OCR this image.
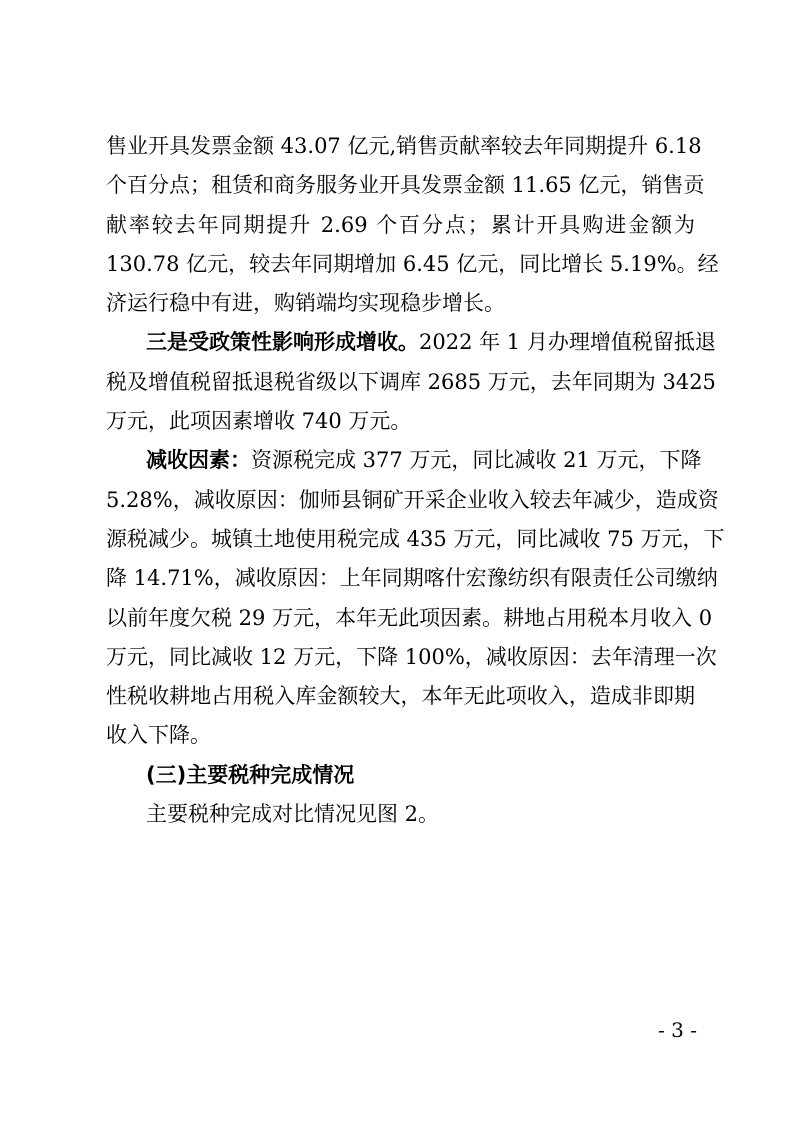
售业开具发票金额 43.07 亿元,销售贡献率较去年同期提升 6.18
个百分点；租赁和商务服务业开具发票金额 11.65 亿元，销售贡
献率较去年同期提升 2.69 个百分点；累计开具购进金额为
130.78 亿元，较去年同期增加 6.45 亿元，同比增长 5.19%。经
济运行稳中有进，购销端均实现稳步增长。
三是受政策性影响形成增收。2022 年 1 月办理增值税留抵退
税及增值税留抵退税省级以下调库 2685 万元，去年同期为 3425
万元，此项因素增收 740 万元。
减收因素：资源税完成 377 万元，同比减收 21 万元，下降
5.28%，减收原因：伽师县铜矿开采企业收入较去年减少，造成资
源税减少。城镇土地使用税完成 435 万元，同比减收 75 万元，下
降 14.71%，减收原因：上年同期喀什宏豫纺织有限责任公司缴纳
以前年度欠税 29 万元，本年无此项因素。耕地占用税本月收入 0
万元，同比减收 12 万元，下降 100%，减收原因：去年清理一次
性税收耕地占用税入库金额较大，本年无此项收入，造成非即期
收入下降。
(三)主要税种完成情况
主要税种完成对比情况见图 2。
- 3 -
